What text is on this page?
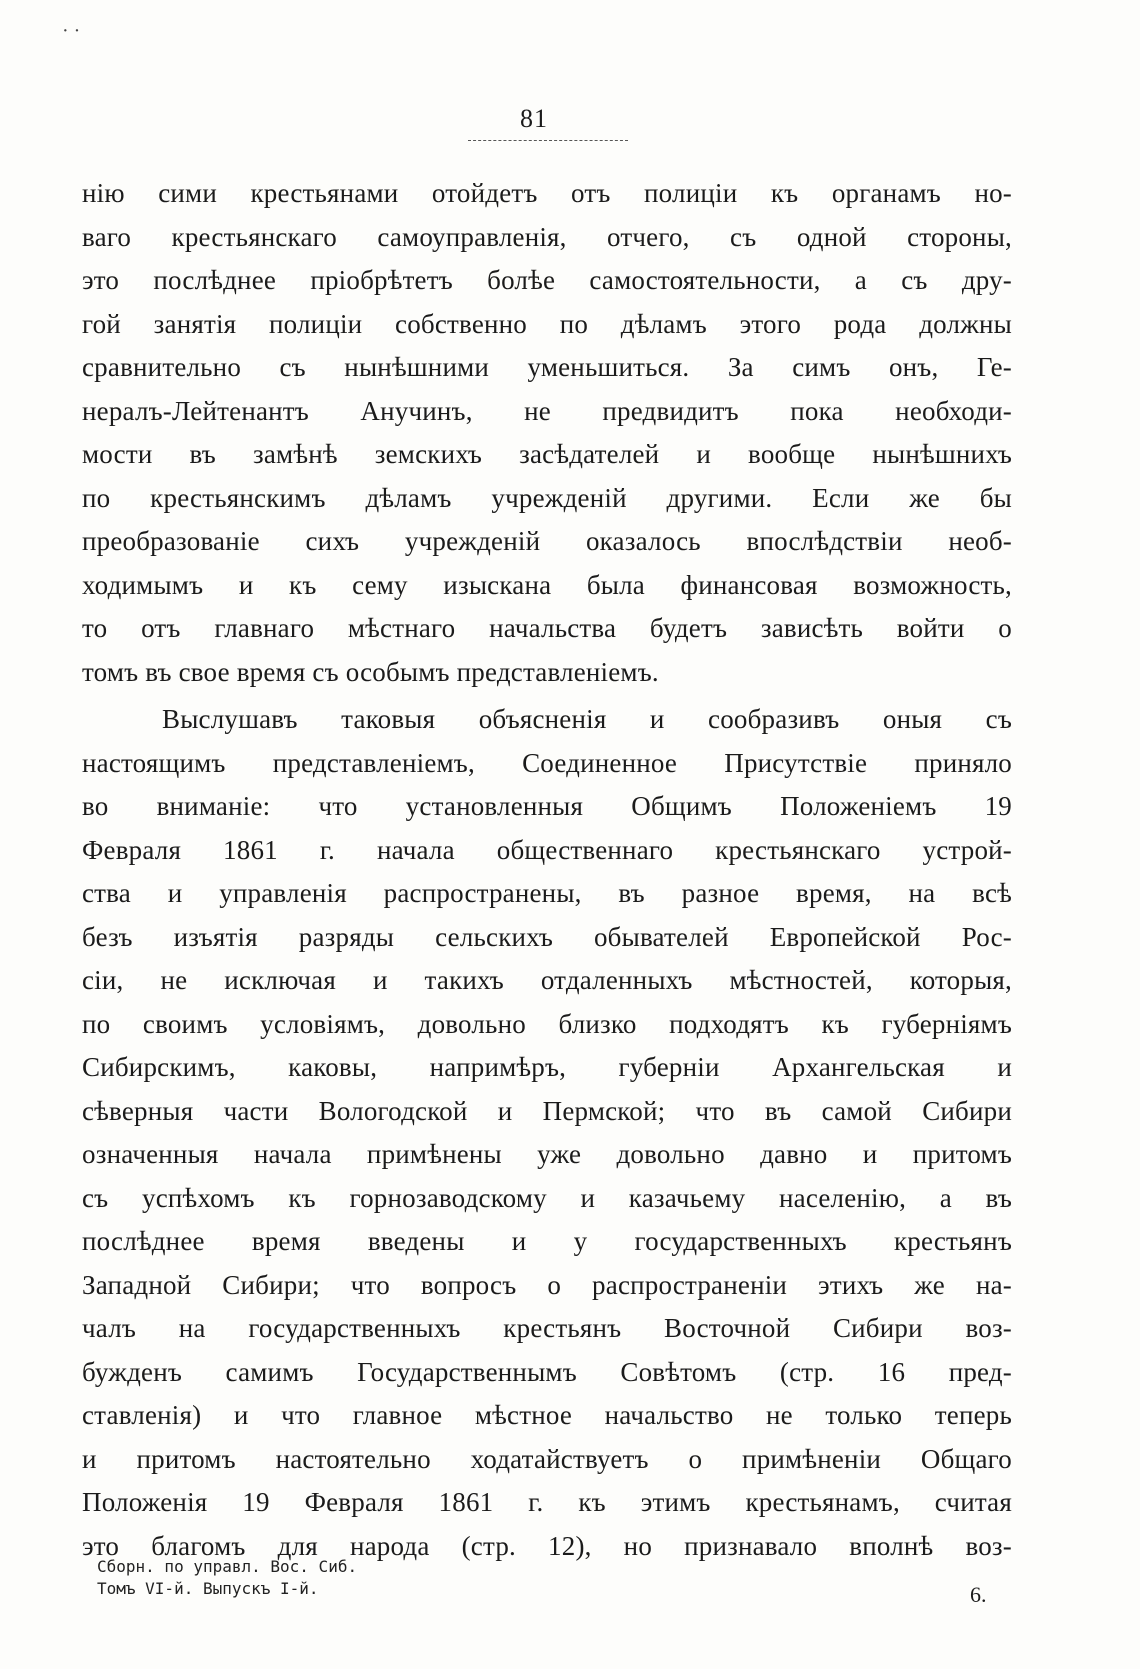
· ·
81
нію сими крестьянами отойдетъ отъ полиціи къ органамъ но-
ваго крестьянскаго самоуправленія, отчего, съ одной стороны,
это послѣднее пріобрѣтетъ болѣе самостоятельности, а съ дру-
гой занятія полиціи собственно по дѣламъ этого рода должны
сравнительно съ нынѣшними уменьшиться. За симъ онъ, Ге-
нералъ-Лейтенантъ Анучинъ, не предвидитъ пока необходи-
мости въ замѣнѣ земскихъ засѣдателей и вообще нынѣшнихъ
по крестьянскимъ дѣламъ учрежденій другими. Если же бы
преобразованіе сихъ учрежденій оказалось впослѣдствіи необ-
ходимымъ и къ сему изыскана была финансовая возможность,
то отъ главнаго мѣстнаго начальства будетъ зависѣть войти о
томъ въ свое время съ особымъ представленіемъ.
Выслушавъ таковыя объясненія и сообразивъ оныя съ
настоящимъ представленіемъ, Соединенное Присутствіе приняло
во вниманіе: что установленныя Общимъ Положеніемъ 19
Февраля 1861 г. начала общественнаго крестьянскаго устрой-
ства и управленія распространены, въ разное время, на всѣ
безъ изъятія разряды сельскихъ обывателей Европейской Рос-
сіи, не исключая и такихъ отдаленныхъ мѣстностей, которыя,
по своимъ условіямъ, довольно близко подходятъ къ губерніямъ
Сибирскимъ, каковы, напримѣръ, губерніи Архангельская и
сѣверныя части Вологодской и Пермской; что въ самой Сибири
означенныя начала примѣнены уже довольно давно и притомъ
съ успѣхомъ къ горнозаводскому и казачьему населенію, а въ
послѣднее время введены и у государственныхъ крестьянъ
Западной Сибири; что вопросъ о распространеніи этихъ же на-
чалъ на государственныхъ крестьянъ Восточной Сибири воз-
бужденъ самимъ Государственнымъ Совѣтомъ (стр. 16 пред-
ставленія) и что главное мѣстное начальство не только теперь
и притомъ настоятельно ходатайствуетъ о примѣненіи Общаго
Положенія 19 Февраля 1861 г. къ этимъ крестьянамъ, считая
это благомъ для народа (стр. 12), но признавало вполнѣ воз-
Сборн. по управл. Вос. Сиб.
Томъ VI-й. Выпускъ I-й.	6.
